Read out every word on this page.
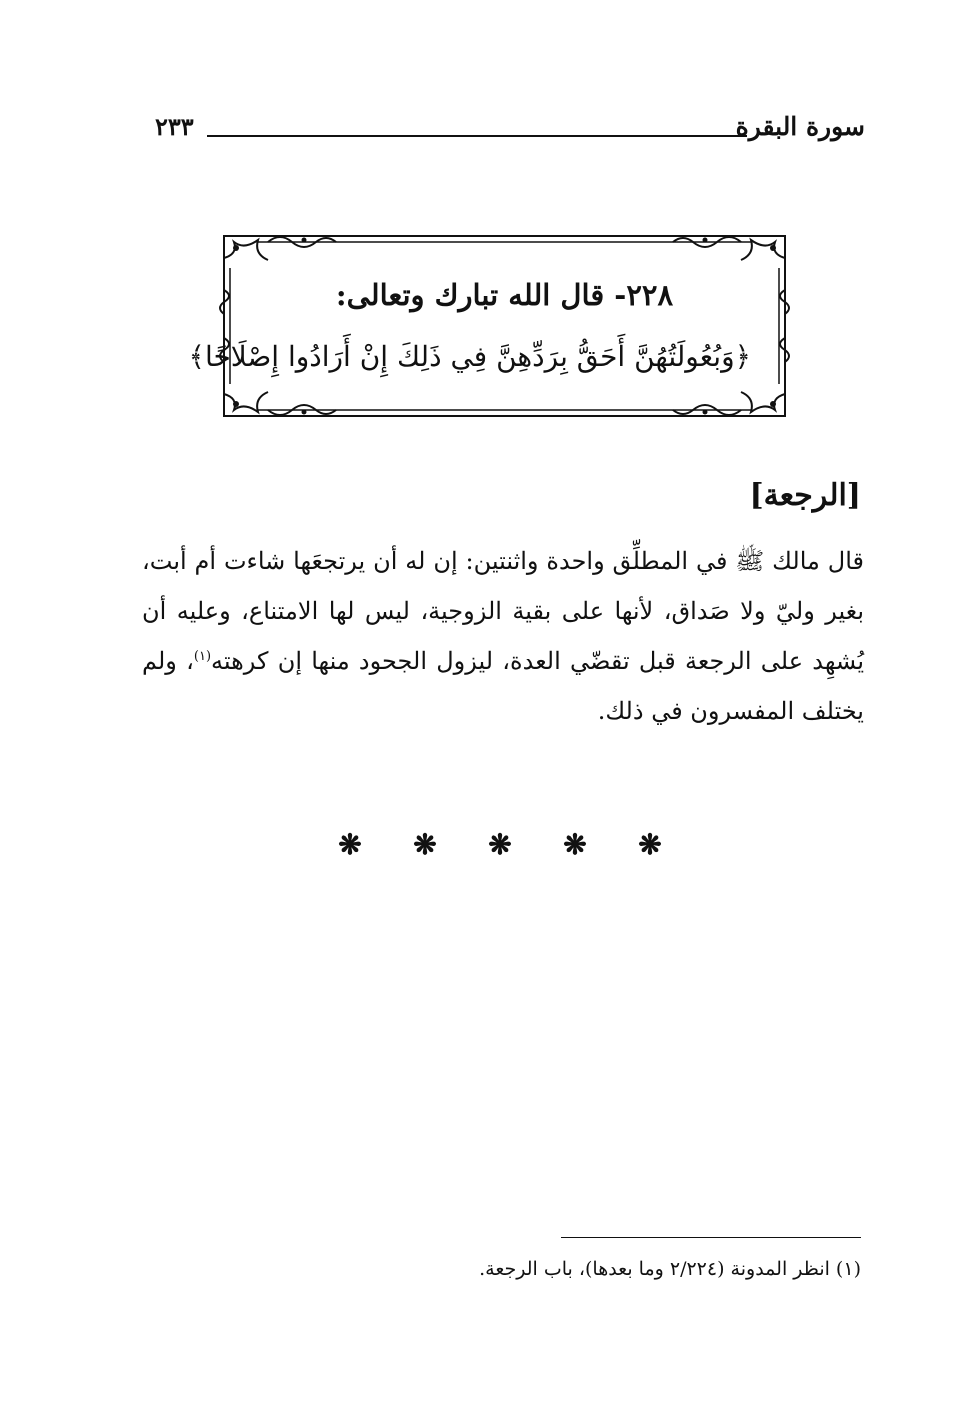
سورة البقرة
٢٣٣
٢٢٨- قال الله تبارك وتعالى:
﴿وَبُعُولَتُهُنَّ أَحَقُّ بِرَدِّهِنَّ فِي ذَلِكَ إِنْ أَرَادُوا إِصْلَاحًا﴾
[الرجعة]
قال مالك ﷺ في المطلِّق واحدة واثنتين: إن له أن يرتجعَها شاءت أم أبت، بغير وليّ ولا صَداق، لأنها على بقية الزوجية، ليس لها الامتناع، وعليه أن يُشهِد على الرجعة قبل تقضّي العدة، ليزول الجحود منها إن كرهته$^{(١)}$، ولم يختلف المفسرون في ذلك.
❋ ❋ ❋ ❋ ❋
(١) انظر المدونة (٢/٢٢٤ وما بعدها)، باب الرجعة.
